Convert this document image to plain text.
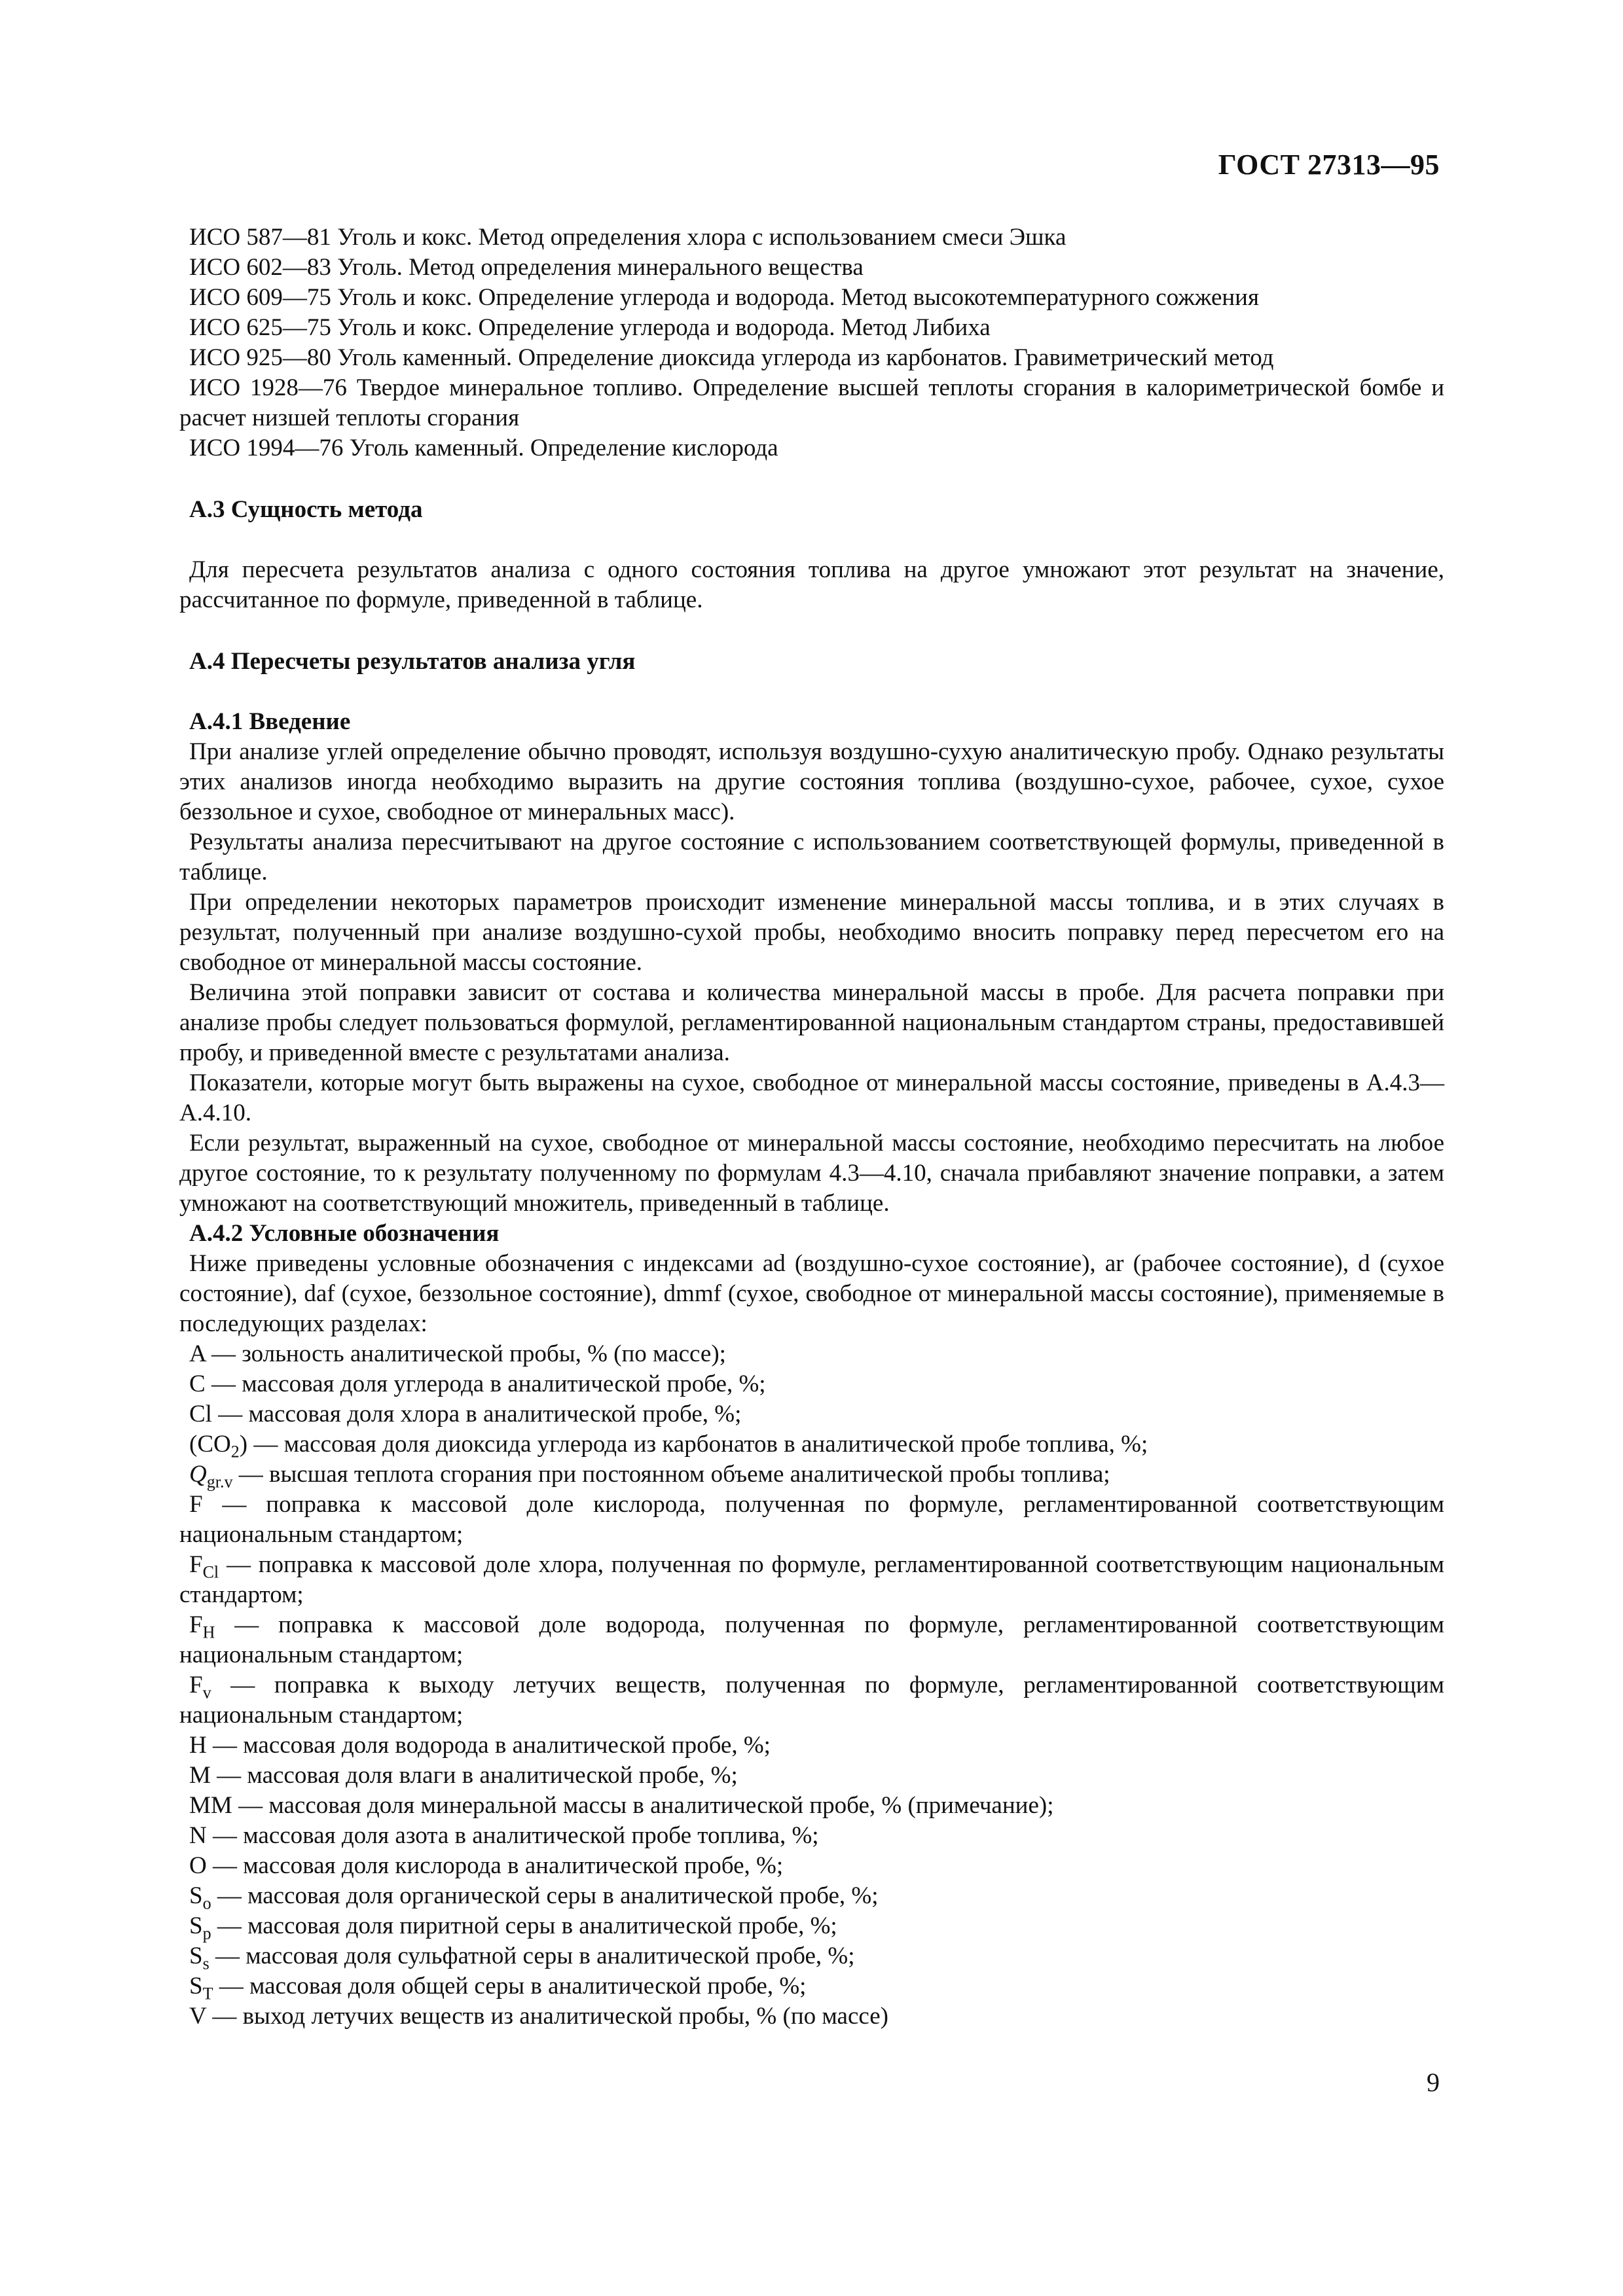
ГОСТ 27313—95

ИСО 587—81 Уголь и кокс. Метод определения хлора с использованием смеси Эшка

ИСО 602—83 Уголь. Метод определения минерального вещества

ИСО 609—75 Уголь и кокс. Определение углерода и водорода. Метод высокотемпературного сожжения

ИСО 625—75 Уголь и кокс. Определение углерода и водорода. Метод Либиха

ИСО 925—80 Уголь каменный. Определение диоксида углерода из карбонатов. Гравиметрический метод

ИСО 1928—76 Твердое минеральное топливо. Определение высшей теплоты сгорания в калориметрической бомбе и расчет низшей теплоты сгорания

ИСО 1994—76 Уголь каменный. Определение кислорода

А.3 Сущность метода

Для пересчета результатов анализа с одного состояния топлива на другое умножают этот результат на значение, рассчитанное по формуле, приведенной в таблице.

А.4 Пересчеты результатов анализа угля

А.4.1 Введение

При анализе углей определение обычно проводят, используя воздушно-сухую аналитическую пробу. Однако результаты этих анализов иногда необходимо выразить на другие состояния топлива (воздушно-сухое, рабочее, сухое, сухое беззольное и сухое, свободное от минеральных масс).

Результаты анализа пересчитывают на другое состояние с использованием соответствующей формулы, приведенной в таблице.

При определении некоторых параметров происходит изменение минеральной массы топлива, и в этих случаях в результат, полученный при анализе воздушно-сухой пробы, необходимо вносить поправку перед пересчетом его на свободное от минеральной массы состояние.

Величина этой поправки зависит от состава и количества минеральной массы в пробе. Для расчета поправки при анализе пробы следует пользоваться формулой, регламентированной национальным стандартом страны, предоставившей пробу, и приведенной вместе с результатами анализа.

Показатели, которые могут быть выражены на сухое, свободное от минеральной массы состояние, приведены в А.4.3—А.4.10.

Если результат, выраженный на сухое, свободное от минеральной массы состояние, необходимо пересчитать на любое другое состояние, то к результату полученному по формулам 4.3—4.10, сначала прибавляют значение поправки, а затем умножают на соответствующий множитель, приведенный в таблице.

А.4.2 Условные обозначения

Ниже приведены условные обозначения с индексами ad (воздушно-сухое состояние), ar (рабочее состояние), d (сухое состояние), daf (сухое, беззольное состояние), dmmf (сухое, свободное от минеральной массы состояние), применяемые в последующих разделах:

A — зольность аналитической пробы, % (по массе);

C — массовая доля углерода в аналитической пробе, %;

Cl — массовая доля хлора в аналитической пробе, %;

$(CO_2)$ — массовая доля диоксида углерода из карбонатов в аналитической пробе топлива, %;

$Q_{gr.v}$ — высшая теплота сгорания при постоянном объеме аналитической пробы топлива;

F — поправка к массовой доле кислорода, полученная по формуле, регламентированной соответствующим национальным стандартом;

$F_{Cl}$ — поправка к массовой доле хлора, полученная по формуле, регламентированной соответствующим национальным стандартом;

$F_H$ — поправка к массовой доле водорода, полученная по формуле, регламентированной соответствующим национальным стандартом;

$F_v$ — поправка к выходу летучих веществ, полученная по формуле, регламентированной соответствующим национальным стандартом;

H — массовая доля водорода в аналитической пробе, %;

M — массовая доля влаги в аналитической пробе, %;

MM — массовая доля минеральной массы в аналитической пробе, % (примечание);

N — массовая доля азота в аналитической пробе топлива, %;

O — массовая доля кислорода в аналитической пробе, %;

$S_o$ — массовая доля органической серы в аналитической пробе, %;

$S_p$ — массовая доля пиритной серы в аналитической пробе, %;

$S_s$ — массовая доля сульфатной серы в аналитической пробе, %;

$S_T$ — массовая доля общей серы в аналитической пробе, %;

V — выход летучих веществ из аналитической пробы, % (по массе)

9
